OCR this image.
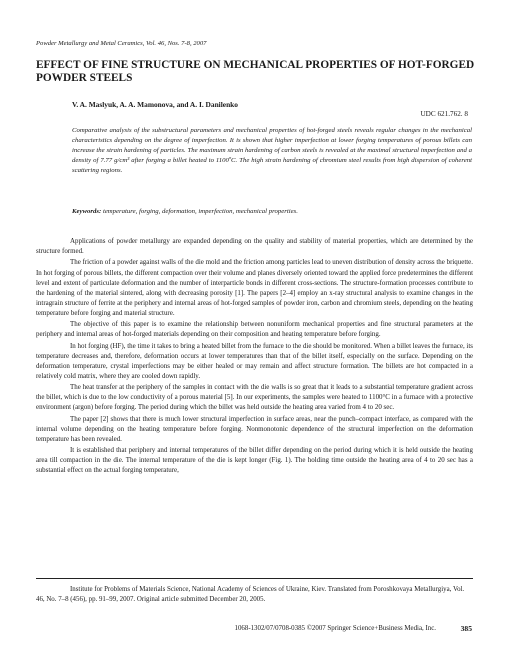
Powder Metallurgy and Metal Ceramics, Vol. 46, Nos. 7-8, 2007
EFFECT OF FINE STRUCTURE ON MECHANICAL PROPERTIES OF HOT-FORGED POWDER STEELS
V. A. Maslyuk, A. A. Mamonova, and A. I. Danilenko
UDC 621.762. 8

Comparative analysis of the substructural parameters and mechanical properties of hot-forged steels reveals regular changes in the mechanical characteristics depending on the degree of imperfection. It is shown that higher imperfection at lower forging temperatures of porous billets can increase the strain hardening of particles. The maximum strain hardening of carbon steels is revealed at the maximal structural imperfection and a density of 7.77 g/cm³ after forging a billet heated to 1100ºC. The high strain hardening of chromium steel results from high dispersion of coherent scattering regions.

Keywords: temperature, forging, deformation, imperfection, mechanical properties.

Applications of powder metallurgy are expanded depending on the quality and stability of material properties, which are determined by the structure formed.

The friction of a powder against walls of the die mold and the friction among particles lead to uneven distribution of density across the briquette. In hot forging of porous billets, the different compaction over their volume and planes diversely oriented toward the applied force predetermines the different level and extent of particulate deformation and the number of interparticle bonds in different cross-sections. The structure-formation processes contribute to the hardening of the material sintered, along with decreasing porosity [1]. The papers [2–4] employ an x-ray structural analysis to examine changes in the intragrain structure of ferrite at the periphery and internal areas of hot-forged samples of powder iron, carbon and chromium steels, depending on the heating temperature before forging and material structure.

The objective of this paper is to examine the relationship between nonuniform mechanical properties and fine structural parameters at the periphery and internal areas of hot-forged materials depending on their composition and heating temperature before forging.

In hot forging (HF), the time it takes to bring a heated billet from the furnace to the die should be monitored. When a billet leaves the furnace, its temperature decreases and, therefore, deformation occurs at lower temperatures than that of the billet itself, especially on the surface. Depending on the deformation temperature, crystal imperfections may be either healed or may remain and affect structure formation. The billets are hot compacted in a relatively cold matrix, where they are cooled down rapidly.

The heat transfer at the periphery of the samples in contact with the die walls is so great that it leads to a substantial temperature gradient across the billet, which is due to the low conductivity of a porous material [5]. In our experiments, the samples were heated to 1100°C in a furnace with a protective environment (argon) before forging. The period during which the billet was held outside the heating area varied from 4 to 20 sec.

The paper [2] shows that there is much lower structural imperfection in surface areas, near the punch–compact interface, as compared with the internal volume depending on the heating temperature before forging. Nonmonotonic dependence of the structural imperfection on the deformation temperature has been revealed.

It is established that periphery and internal temperatures of the billet differ depending on the period during which it is held outside the heating area till compaction in the die. The internal temperature of the die is kept longer (Fig. 1). The holding time outside the heating area of 4 to 20 sec has a substantial effect on the actual forging temperature,

Institute for Problems of Materials Science, National Academy of Sciences of Ukraine, Kiev. Translated from Poroshkovaya Metallurgiya, Vol. 46, No. 7–8 (456), pp. 91–99, 2007. Original article submitted December 20, 2005.

1068-1302/07/0708-0385 ©2007 Springer Science+Business Media, Inc.	385
